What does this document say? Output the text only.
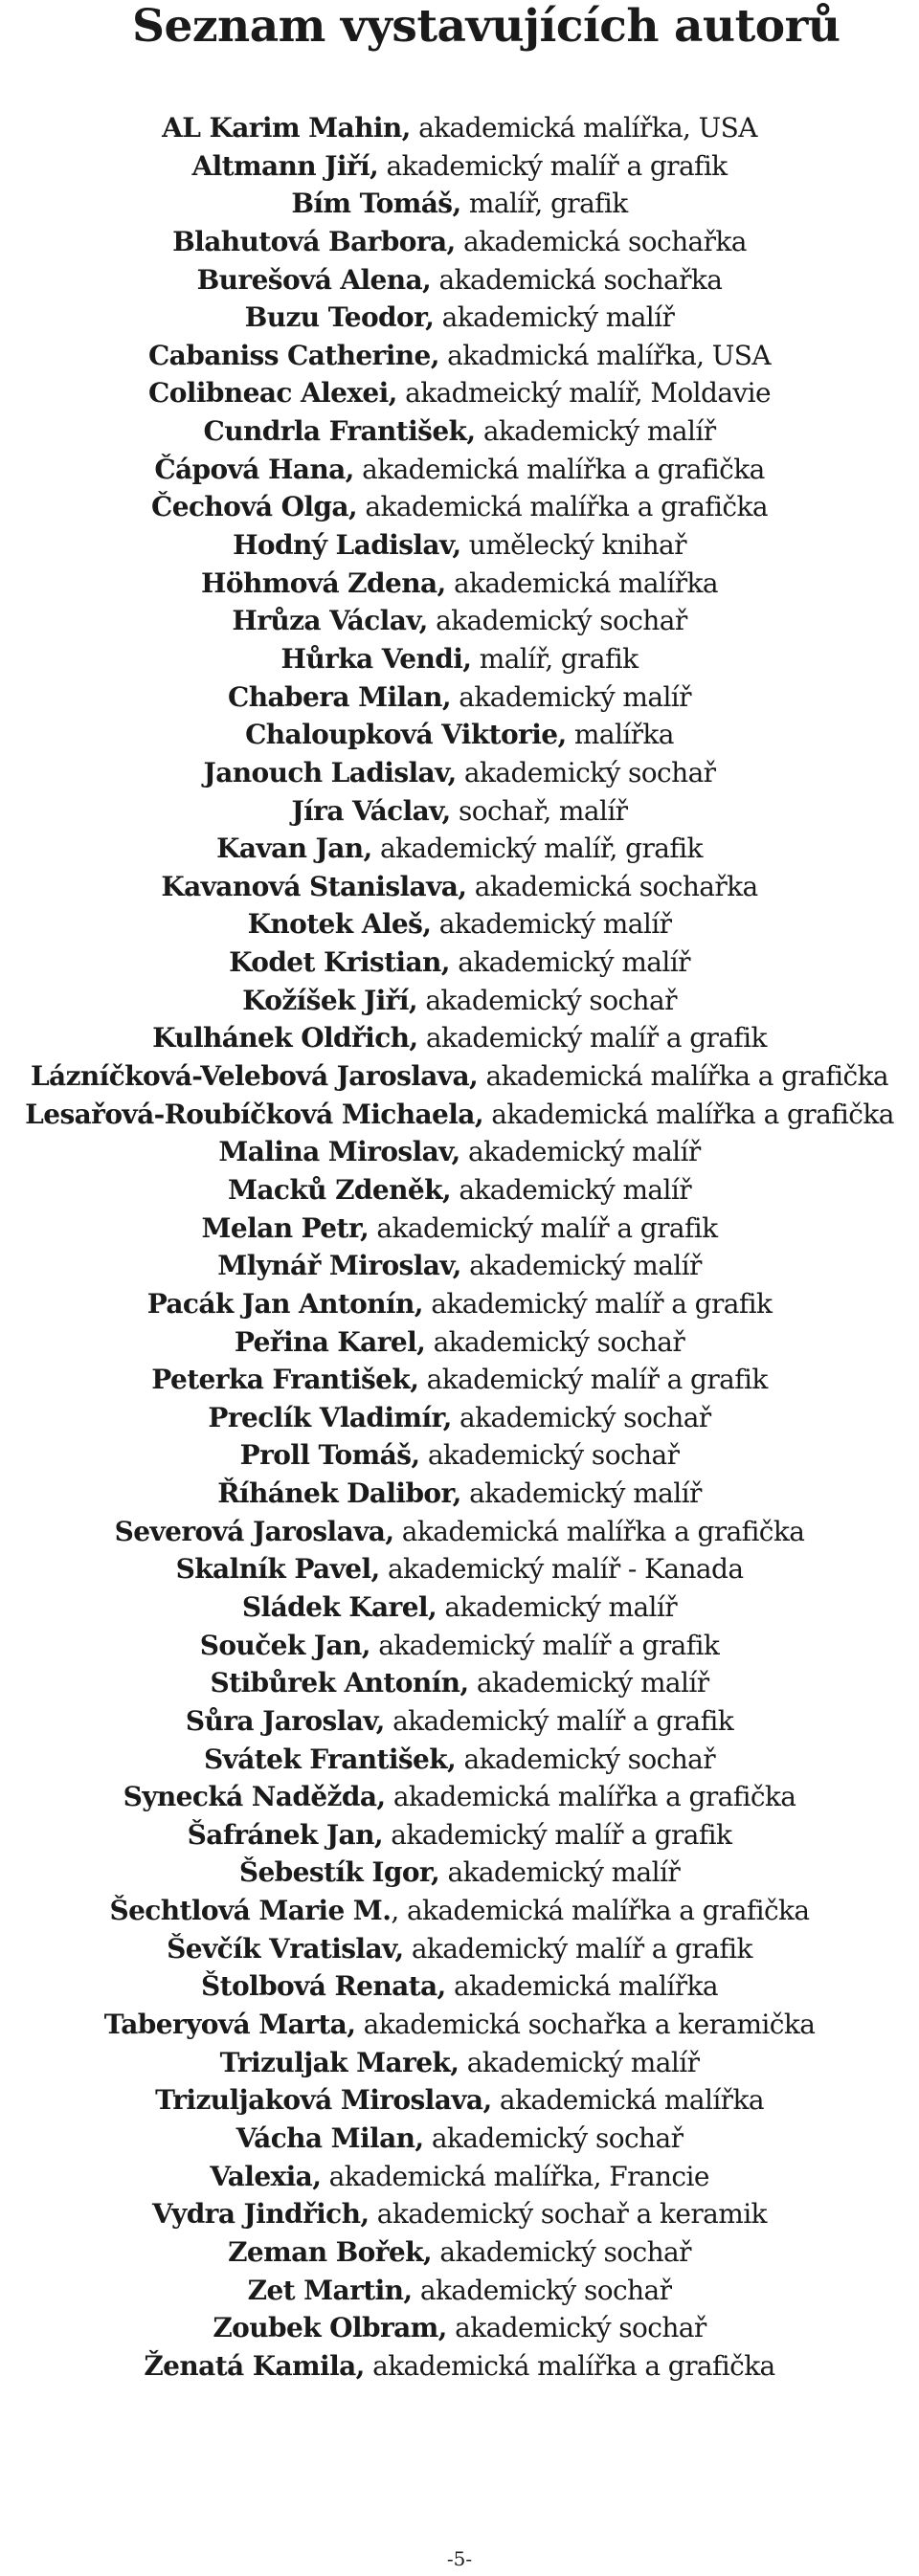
Seznam vystavujících autorů
AL Karim Mahin, akademická malířka, USA
Altmann Jiří, akademický malíř a grafik
Bím Tomáš, malíř, grafik
Blahutová Barbora, akademická sochařka
Burešová Alena, akademická sochařka
Buzu Teodor, akademický malíř
Cabaniss Catherine, akadmická malířka, USA
Colibneac Alexei, akadmeický malíř, Moldavie
Cundrla František, akademický malíř
Čápová Hana, akademická malířka a grafička
Čechová Olga, akademická malířka a grafička
Hodný Ladislav, umělecký knihař
Höhmová Zdena, akademická malířka
Hrůza Václav, akademický sochař
Hůrka Vendi, malíř, grafik
Chabera Milan, akademický malíř
Chaloupková Viktorie, malířka
Janouch Ladislav, akademický sochař
Jíra Václav, sochař, malíř
Kavan Jan, akademický malíř, grafik
Kavanová Stanislava, akademická sochařka
Knotek Aleš, akademický malíř
Kodet Kristian, akademický malíř
Kožíšek Jiří, akademický sochař
Kulhánek Oldřich, akademický malíř a grafik
Lázníčková-Velebová Jaroslava, akademická malířka a grafička
Lesařová-Roubíčková Michaela, akademická malířka a grafička
Malina Miroslav, akademický malíř
Macků Zdeněk, akademický malíř
Melan Petr, akademický malíř a grafik
Mlynář Miroslav, akademický malíř
Pacák Jan Antonín, akademický malíř a grafik
Peřina Karel, akademický sochař
Peterka František, akademický malíř a grafik
Preclík Vladimír, akademický sochař
Proll Tomáš, akademický sochař
Říhánek Dalibor, akademický malíř
Severová Jaroslava, akademická malířka a grafička
Skalník Pavel, akademický malíř - Kanada
Sládek Karel, akademický malíř
Souček Jan, akademický malíř a grafik
Stibůrek Antonín, akademický malíř
Sůra Jaroslav, akademický malíř a grafik
Svátek František, akademický sochař
Synecká Naděžda, akademická malířka a grafička
Šafránek Jan, akademický malíř a grafik
Šebestík Igor, akademický malíř
Šechtlová Marie M., akademická malířka a grafička
Ševčík Vratislav, akademický malíř a grafik
Štolbová Renata, akademická malířka
Taberyová Marta, akademická sochařka a keramička
Trizuljak Marek, akademický malíř
Trizuljaková Miroslava, akademická malířka
Vácha Milan, akademický sochař
Valexia, akademická malířka, Francie
Vydra Jindřich, akademický sochař a keramik
Zeman Bořek, akademický sochař
Zet Martin, akademický sochař
Zoubek Olbram, akademický sochař
Ženatá Kamila, akademická malířka a grafička
-5-
